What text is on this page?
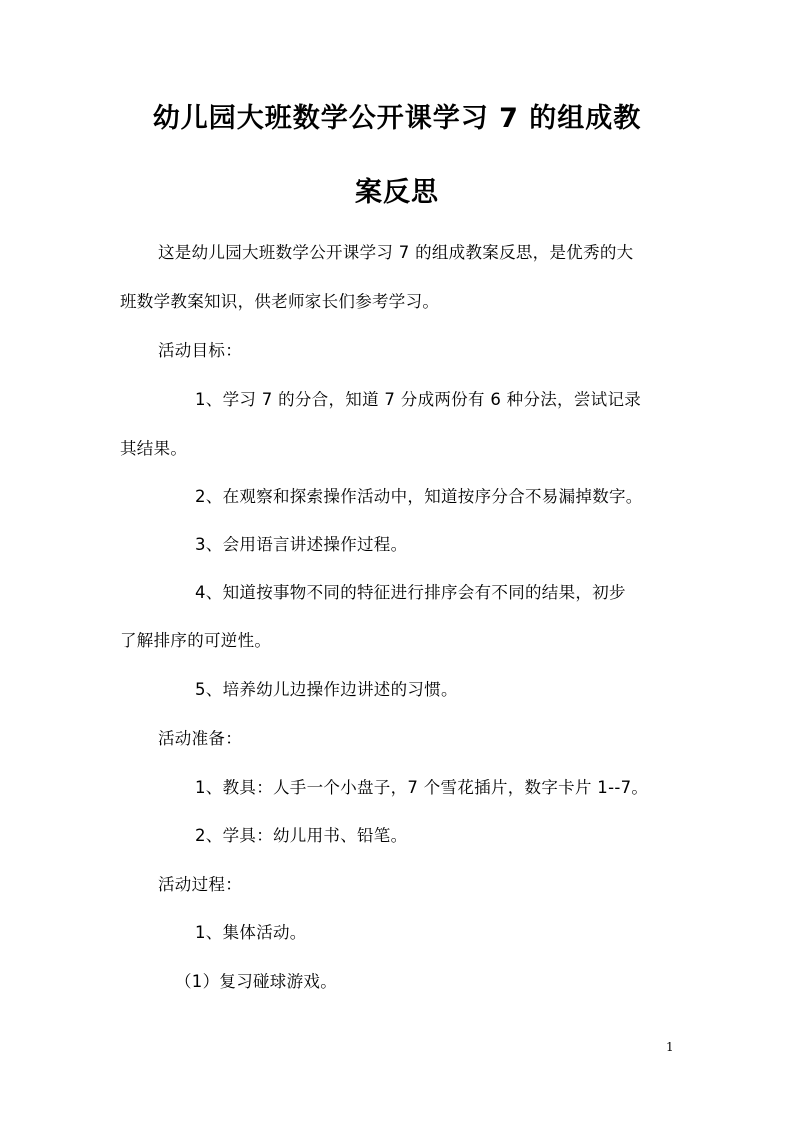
幼儿园大班数学公开课学习 7 的组成教
案反思
这是幼儿园大班数学公开课学习 7 的组成教案反思，是优秀的大
班数学教案知识，供老师家长们参考学习。
活动目标：
1、学习 7 的分合，知道 7 分成两份有 6 种分法，尝试记录
其结果。
2、在观察和探索操作活动中，知道按序分合不易漏掉数字。
3、会用语言讲述操作过程。
4、知道按事物不同的特征进行排序会有不同的结果，初步
了解排序的可逆性。
5、培养幼儿边操作边讲述的习惯。
活动准备：
1、教具：人手一个小盘子，7 个雪花插片，数字卡片 1--7。
2、学具：幼儿用书、铅笔。
活动过程：
1、集体活动。
（1）复习碰球游戏。
1
